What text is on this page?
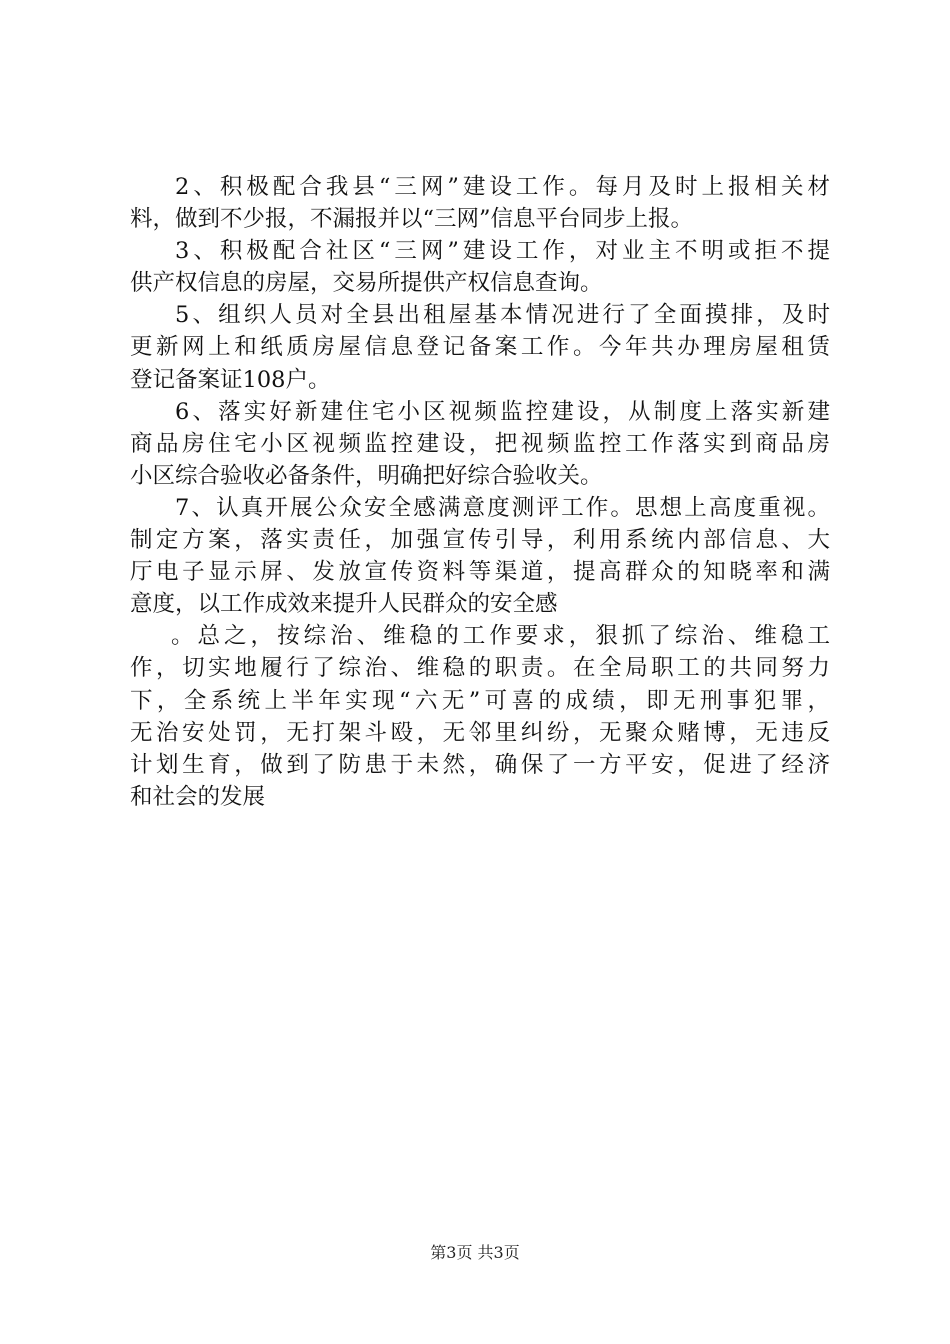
2、积极配合我县“三网”建设工作。每月及时上报相关材
料，做到不少报，不漏报并以“三网”信息平台同步上报。
3、积极配合社区“三网”建设工作，对业主不明或拒不提
供产权信息的房屋，交易所提供产权信息查询。
5、组织人员对全县出租屋基本情况进行了全面摸排，及时
更新网上和纸质房屋信息登记备案工作。今年共办理房屋租赁
登记备案证108户。
6、落实好新建住宅小区视频监控建设，从制度上落实新建
商品房住宅小区视频监控建设，把视频监控工作落实到商品房
小区综合验收必备条件，明确把好综合验收关。
7、认真开展公众安全感满意度测评工作。思想上高度重视。
制定方案，落实责任，加强宣传引导，利用系统内部信息、大
厅电子显示屏、发放宣传资料等渠道，提高群众的知晓率和满
意度，以工作成效来提升人民群众的安全感
。总之，按综治、维稳的工作要求，狠抓了综治、维稳工
作，切实地履行了综治、维稳的职责。在全局职工的共同努力
下，全系统上半年实现“六无”可喜的成绩，即无刑事犯罪，
无治安处罚，无打架斗殴，无邻里纠纷，无聚众赌博，无违反
计划生育，做到了防患于未然，确保了一方平安，促进了经济
和社会的发展
第3页 共3页
